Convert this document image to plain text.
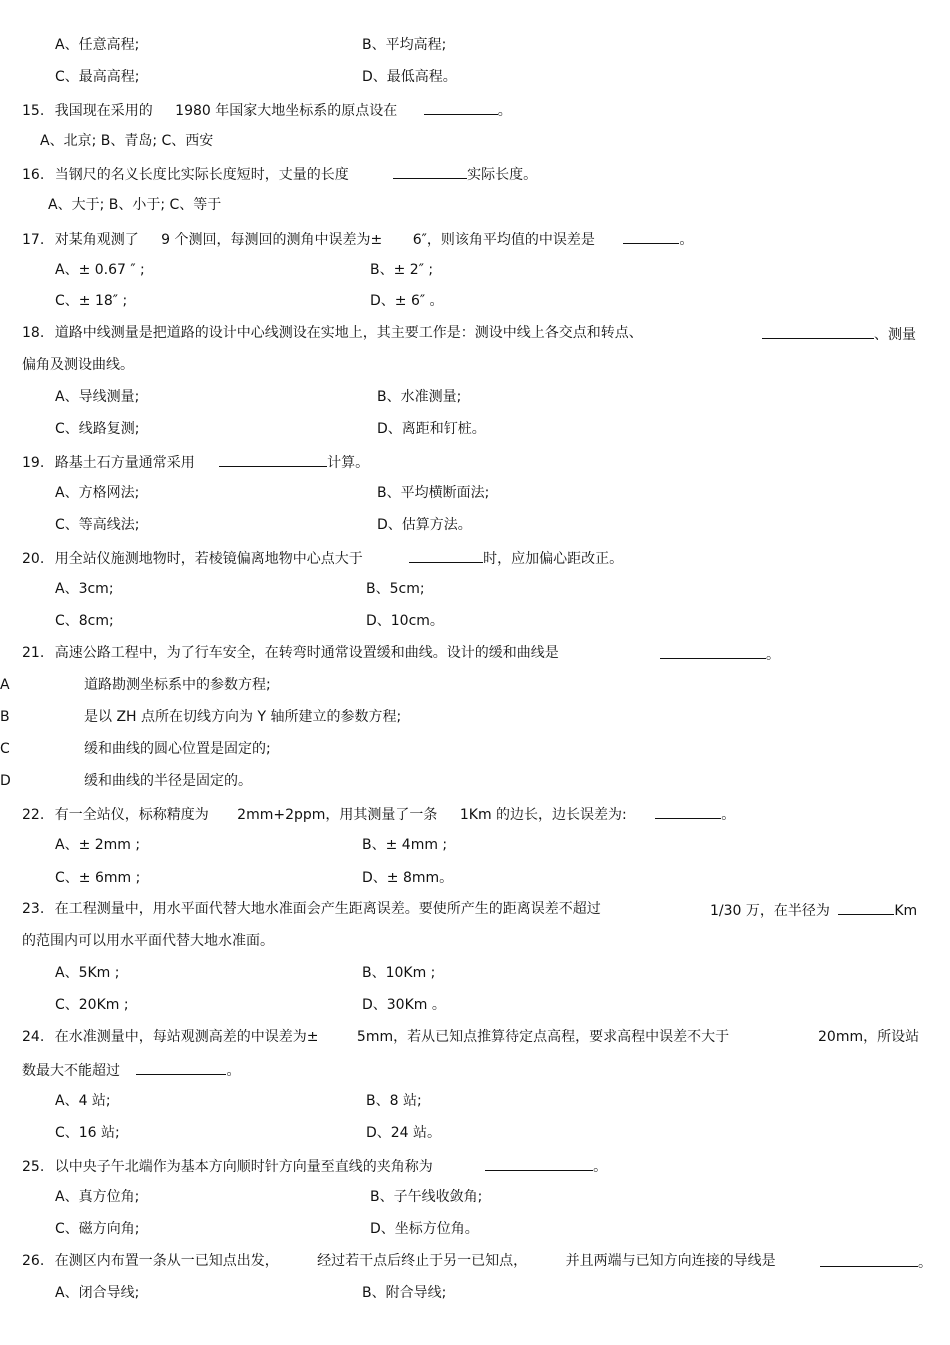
A、任意高程;	B、平均高程;
C、最高高程;	D、最低高程。
15. 我国现在采用的 1980 年国家大地坐标系的原点设在	。
A、北京; B、青岛; C、西安
16. 当钢尺的名义长度比实际长度短时，丈量的长度	实际长度。
A、大于; B、小于; C、等于
17. 对某角观测了 9 个测回，每测回的测角中误差为± 6″，则该角平均值的中误差是	。
A、± 0.67 ″ ;	B、± 2″ ;
C、± 18″ ;	D、± 6″ 。
18. 道路中线测量是把道路的设计中心线测设在实地上，其主要工作是：测设中线上各交点和转点、	、测量
偏角及测设曲线。
A、导线测量;	B、水准测量;
C、线路复测;	D、离距和钉桩。
19. 路基土石方量通常采用	计算。
A、方格网法;	B、平均横断面法;
C、等高线法;	D、估算方法。
20. 用全站仪施测地物时，若棱镜偏离地物中心点大于	时，应加偏心距改正。
A、3cm;	B、5cm;
C、8cm;	D、10cm。
21. 高速公路工程中，为了行车安全，在转弯时通常设置缓和曲线。设计的缓和曲线是	。
A	道路勘测坐标系中的参数方程;
B	是以 ZH 点所在切线方向为 Y 轴所建立的参数方程;
C	缓和曲线的圆心位置是固定的;
D	缓和曲线的半径是固定的。
22. 有一全站仪，标称精度为 2mm+2ppm，用其测量了一条 1Km 的边长，边长误差为:	。
A、± 2mm ;	B、± 4mm ;
C、± 6mm ;	D、± 8mm。
23. 在工程测量中，用水平面代替大地水准面会产生距离误差。要使所产生的距离误差不超过	1/30 万，在半径为	Km
的范围内可以用水平面代替大地水准面。
A、5Km ;	B、10Km ;
C、20Km ;	D、30Km 。
24. 在水准测量中，每站观测高差的中误差为±	5mm，若从已知点推算待定点高程，要求高程中误差不大于	20mm，所设站
数最大不能超过	。
A、4 站;	B、8 站;
C、16 站;	D、24 站。
25. 以中央子午北端作为基本方向顺时针方向量至直线的夹角称为	。
A、真方位角;	B、子午线收敛角;
C、磁方向角;	D、坐标方位角。
26. 在测区内布置一条从一已知点出发，	经过若干点后终止于另一已知点，	并且两端与已知方向连接的导线是	。
A、闭合导线;	B、附合导线;
